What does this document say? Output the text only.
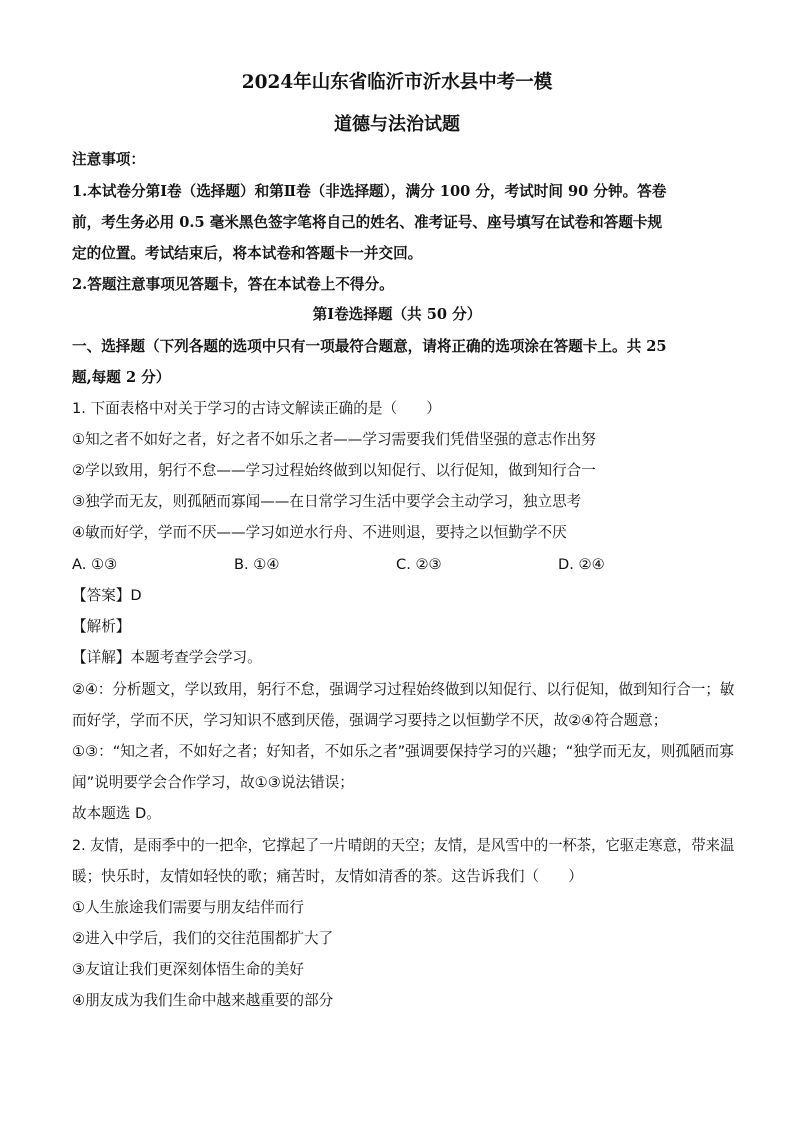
2024年山东省临沂市沂水县中考一模
道德与法治试题
注意事项：
1.本试卷分第Ⅰ卷（选择题）和第Ⅱ卷（非选择题），满分 100 分，考试时间 90 分钟。答卷
前，考生务必用 0.5 毫米黑色签字笔将自己的姓名、准考证号、座号填写在试卷和答题卡规
定的位置。考试结束后，将本试卷和答题卡一并交回。
2.答题注意事项见答题卡，答在本试卷上不得分。
第Ⅰ卷选择题（共 50 分）
一、选择题（下列各题的选项中只有一项最符合题意，请将正确的选项涂在答题卡上。共 25
题,每题 2 分）
1. 下面表格中对关于学习的古诗文解读正确的是（　　）
①知之者不如好之者，好之者不如乐之者——学习需要我们凭借坚强的意志作出努
②学以致用，躬行不怠——学习过程始终做到以知促行、以行促知，做到知行合一
③独学而无友，则孤陋而寡闻——在日常学习生活中要学会主动学习，独立思考
④敏而好学，学而不厌——学习如逆水行舟、不进则退，要持之以恒勤学不厌
A. ①③	B. ①④	C. ②③	D. ②④
【答案】D
【解析】
【详解】本题考查学会学习。
②④：分析题文，学以致用，躬行不怠，强调学习过程始终做到以知促行、以行促知，做到知行合一；敏
而好学，学而不厌，学习知识不感到厌倦，强调学习要持之以恒勤学不厌，故②④符合题意；
①③：“知之者，不如好之者；好知者，不如乐之者”强调要保持学习的兴趣；“独学而无友，则孤陋而寡
闻”说明要学会合作学习，故①③说法错误；
故本题选 D。
2. 友情，是雨季中的一把伞，它撑起了一片晴朗的天空；友情，是风雪中的一杯茶，它驱走寒意，带来温
暖；快乐时，友情如轻快的歌；痛苦时，友情如清香的茶。这告诉我们（　　）
①人生旅途我们需要与朋友结伴而行
②进入中学后，我们的交往范围都扩大了
③友谊让我们更深刻体悟生命的美好
④朋友成为我们生命中越来越重要的部分
